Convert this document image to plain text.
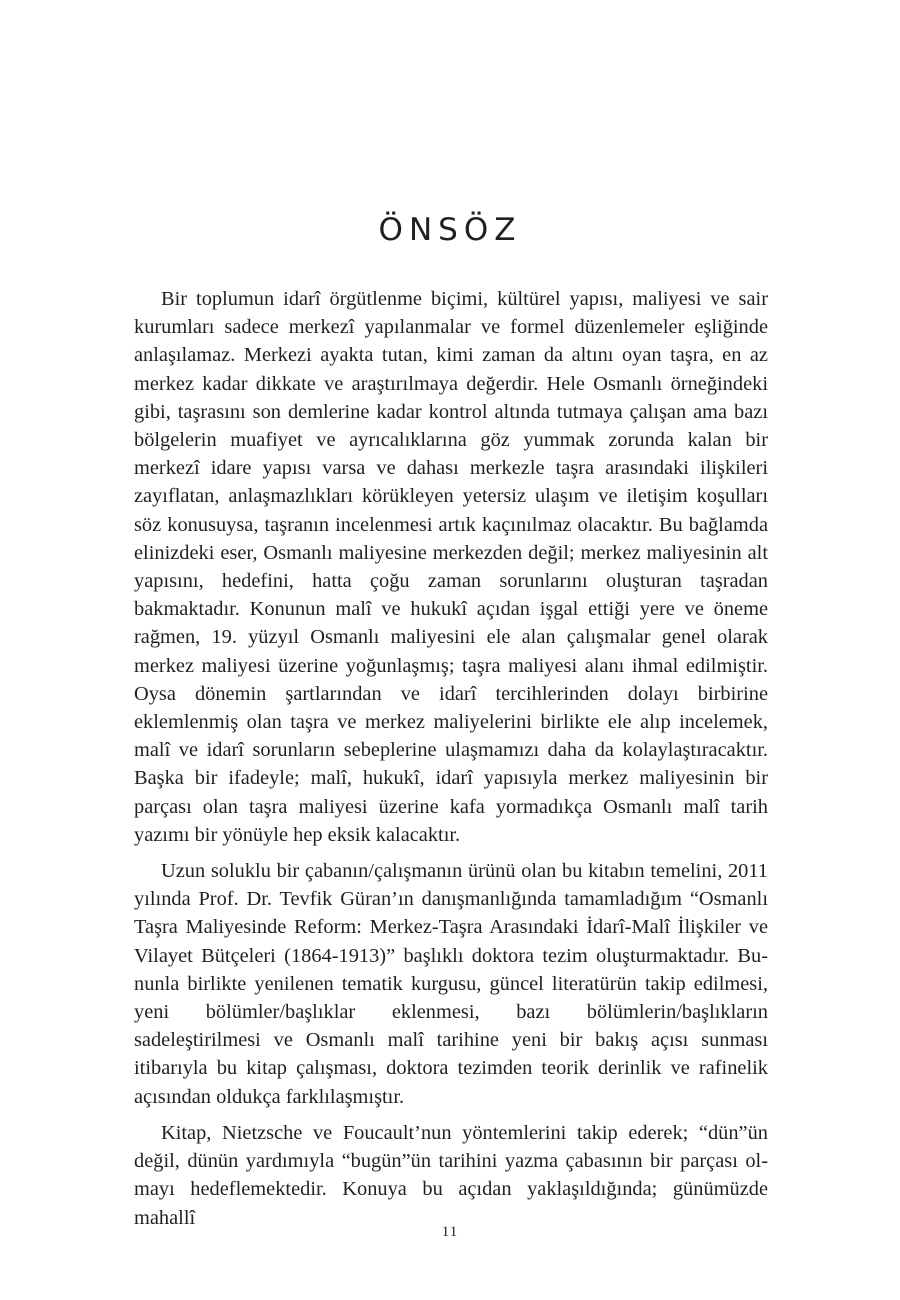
ÖNSÖZ

Bir toplumun idarî örgütlenme biçimi, kültürel yapısı, maliyesi ve sair kurumları sadece merkezî yapılanmalar ve formel düzenlemeler eşliğinde anlaşılamaz. Merkezi ayakta tutan, kimi zaman da altını oyan taşra, en az merkez kadar dikkate ve araştırılmaya değerdir. Hele Osmanlı örneğindeki gibi, taşrasını son demlerine kadar kontrol altında tutmaya çalışan ama bazı bölgelerin muafiyet ve ayrıcalıklarına göz yummak zorunda kalan bir merkezî idare yapısı varsa ve dahası merkezle taşra arasındaki ilişkileri zayıflatan, anlaşmazlıkları körükleyen yetersiz ulaşım ve iletişim koşulları söz konusuysa, taşranın incelenmesi artık kaçınılmaz olacaktır. Bu bağlamda elinizdeki eser, Osmanlı maliyesine merkezden değil; merkez maliyesinin alt yapısını, hedefini, hatta çoğu zaman sorunlarını oluşturan taşradan bakmaktadır. Konunun malî ve hukukî açıdan işgal ettiği yere ve öneme rağmen, 19. yüzyıl Osmanlı maliyesini ele alan çalışmalar genel olarak merkez maliyesi üzerine yoğunlaşmış; taşra maliyesi alanı ihmal edilmiştir. Oysa dönemin şartlarından ve idarî tercihlerinden dolayı birbirine eklemlenmiş olan taşra ve merkez maliyelerini birlikte ele alıp incelemek, malî ve idarî sorunların sebeplerine ulaşmamızı daha da kolaylaştıracaktır. Başka bir ifadeyle; malî, hukukî, idarî yapısıyla merkez maliyesinin bir parçası olan taşra maliyesi üzerine kafa yormadıkça Osmanlı malî tarih yazımı bir yönüyle hep eksik kalacaktır.

Uzun soluklu bir çabanın/çalışmanın ürünü olan bu kitabın temelini, 2011 yılında Prof. Dr. Tevfik Güran’ın danışmanlığında tamamladığım “Osmanlı Taşra Maliyesinde Reform: Merkez-Taşra Arasındaki İdarî-Malî İlişkiler ve Vilayet Bütçeleri (1864-1913)” başlıklı doktora tezim oluşturmaktadır. Bununla birlikte yenilenen tematik kurgusu, güncel literatürün takip edilmesi, yeni bölümler/başlıklar eklenmesi, bazı bölümlerin/başlıkların sadeleştirilmesi ve Osmanlı malî tarihine yeni bir bakış açısı sunması itibarıyla bu kitap çalışması, doktora tezimden teorik derinlik ve rafinelik açısından oldukça farklılaşmıştır.

Kitap, Nietzsche ve Foucault’nun yöntemlerini takip ederek; “dün”ün değil, dünün yardımıyla “bugün”ün tarihini yazma çabasının bir parçası olmayı hedeflemektedir. Konuya bu açıdan yaklaşıldığında; günümüzde mahallî

11
